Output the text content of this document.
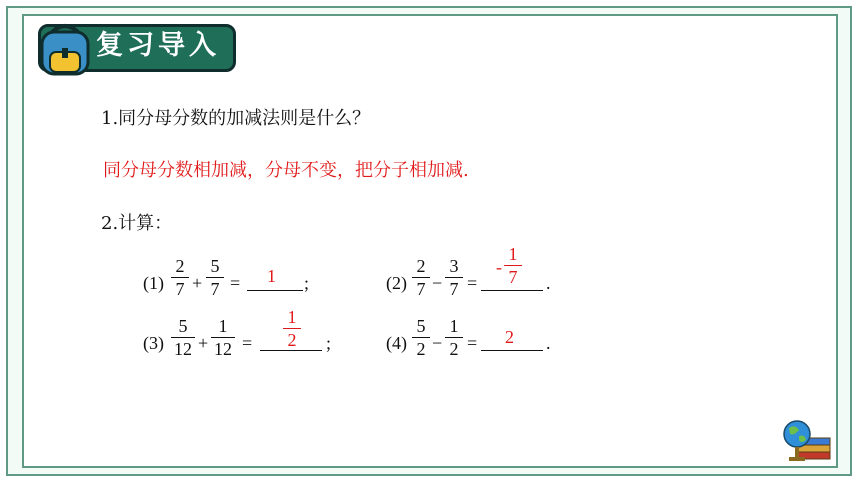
复习导入
1.同分母分数的加减法则是什么？
同分母分数相加减，分母不变，把分子相加减.
2.计算：
(1)
2
7 +
5
7 = 1 ;	(2)
2
7 −
3
7 =
-
1
7	.
(3)
5
12 +
1
12 =
1
2	;	(4)
5
2 −
1
2 = 2 .
